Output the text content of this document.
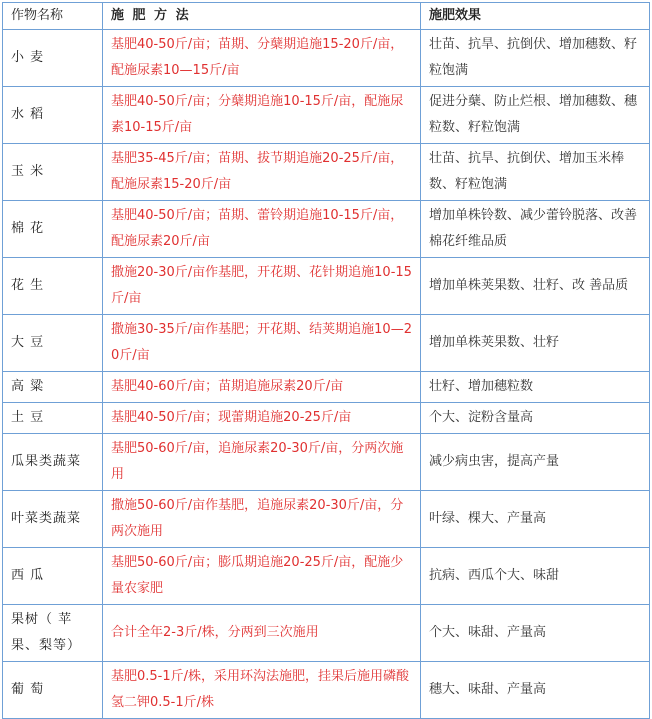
作物名称	施 肥 方 法	施肥效果
小 麦	基肥40-50斤/亩；苗期、分蘖期追施15-20斤/亩，配施尿素10—15斤/亩	壮苗、抗旱、抗倒伏、增加穗数、籽粒饱满
水 稻	基肥40-50斤/亩；分蘖期追施10-15斤/亩，配施尿素10-15斤/亩	促进分蘖、防止烂根、增加穗数、穗粒数、籽粒饱满
玉 米	基肥35-45斤/亩；苗期、拔节期追施20-25斤/亩，配施尿素15-20斤/亩	壮苗、抗旱、抗倒伏、增加玉米棒数、籽粒饱满
棉 花	基肥40-50斤/亩；苗期、蕾铃期追施10-15斤/亩，配施尿素20斤/亩	增加单株铃数、减少蕾铃脱落、改善棉花纤维品质
花 生	撒施20-30斤/亩作基肥，开花期、花针期追施10-15斤/亩	增加单株荚果数、壮籽、改 善品质
大 豆	撒施30-35斤/亩作基肥；开花期、结荚期追施10—20斤/亩	增加单株荚果数、壮籽
高 粱	基肥40-60斤/亩；苗期追施尿素20斤/亩	壮籽、增加穗粒数
土 豆	基肥40-50斤/亩；现蕾期追施20-25斤/亩	个大、淀粉含量高
瓜果类蔬菜	基肥50-60斤/亩，追施尿素20-30斤/亩，分两次施用	减少病虫害，提高产量
叶菜类蔬菜	撒施50-60斤/亩作基肥，追施尿素20-30斤/亩，分两次施用	叶绿、棵大、产量高
西 瓜	基肥50-60斤/亩；膨瓜期追施20-25斤/亩，配施少量农家肥	抗病、西瓜个大、味甜
果树（ 苹果、梨等）	合计全年2-3斤/株，分两到三次施用	个大、味甜、产量高
葡 萄	基肥0.5-1斤/株，采用环沟法施肥，挂果后施用磷酸氢二钾0.5-1斤/株	穗大、味甜、产量高
